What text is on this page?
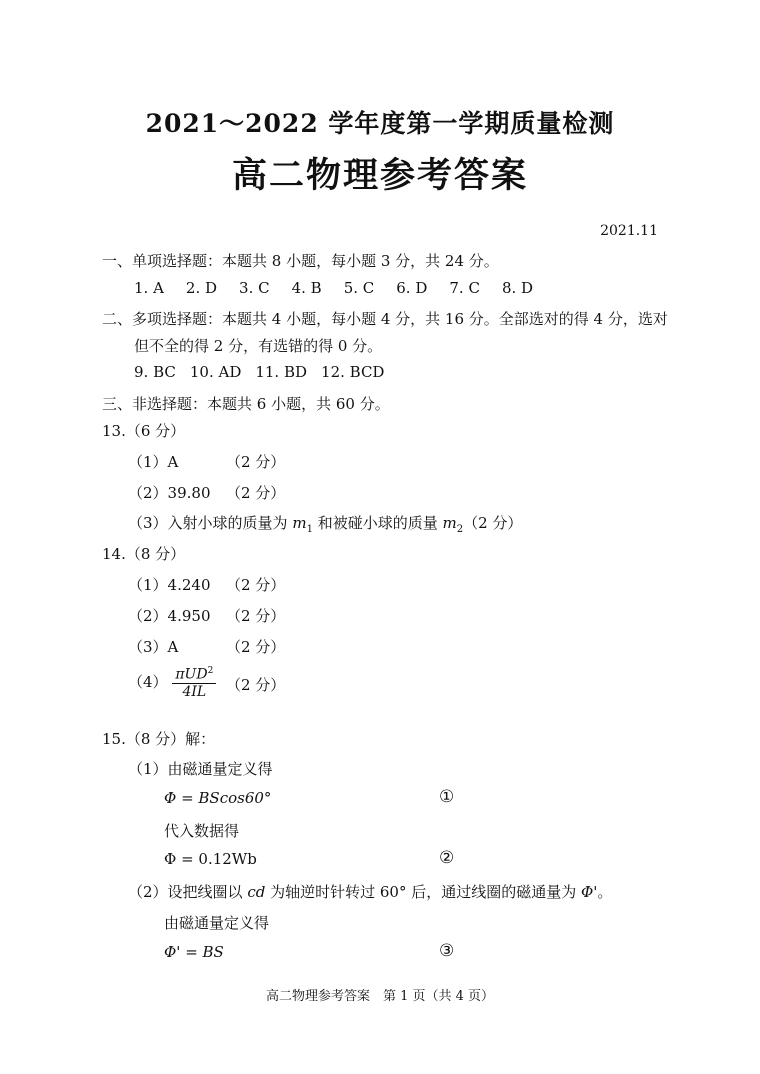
2021～2022 学年度第一学期质量检测
高二物理参考答案
2021.11
一、单项选择题：本题共 8 小题，每小题 3 分，共 24 分。
1. A 2. D 3. C 4. B 5. C 6. D 7. C 8. D
二、多项选择题：本题共 4 小题，每小题 4 分，共 16 分。全部选对的得 4 分，选对
但不全的得 2 分，有选错的得 0 分。
9. BC 10. AD 11. BD 12. BCD
三、非选择题：本题共 6 小题，共 60 分。
13.（6 分）
（1）A	（2 分）
（2）39.80 （2 分）
（3）入射小球的质量为 $m_1$ 和被碰小球的质量 $m_2(2$ 分）
14.（8 分）
（1）4.240 （2 分）
（2）4.950 （2 分）
（3）A	（2 分）
$(4) \frac{\pi UD^2}{4IL} (2$ 分）
15.（8 分）解：
（1）由磁通量定义得
Φ = BScos60°	①
代入数据得
Φ = 0.12Wb	②
（2）设把线圈以 cd 为轴逆时针转过 60° 后，通过线圈的磁通量为 Φ'。
由磁通量定义得
Φ' = BS	③
高二物理参考答案　第 1 页（共 4 页）
